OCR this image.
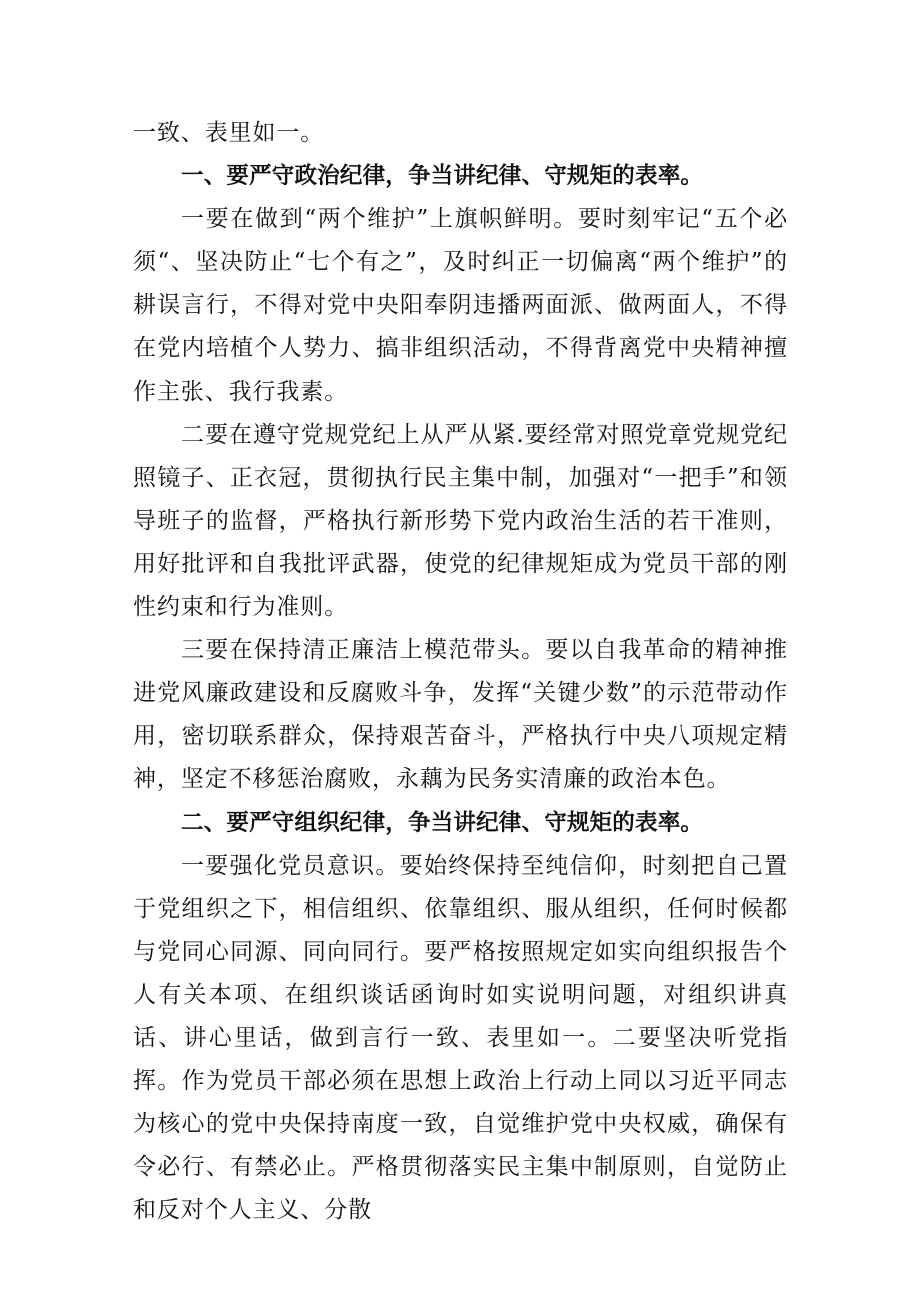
一致、表里如一。

一、要严守政治纪律，争当讲纪律、守规矩的表率。

一要在做到“两个维护”上旗帜鲜明。要时刻牢记“五个必须“、坚决防止“七个有之”，及时纠正一切偏离“两个维护”的耕误言行，不得对党中央阳奉阴违播两面派、做两面人，不得在党内培植个人势力、搞非组织活动，不得背离党中央精神擅作主张、我行我素。

二要在遵守党规党纪上从严从紧.要经常对照党章党规党纪照镜子、正衣冠，贯彻执行民主集中制，加强对“一把手”和领导班子的监督，严格执行新形势下党内政治生活的若干准则，用好批评和自我批评武器，使党的纪律规矩成为党员干部的刚性约束和行为准则。

三要在保持清正廉洁上模范带头。要以自我革命的精神推进党风廉政建设和反腐败斗争，发挥“关键少数”的示范带动作用，密切联系群众，保持艰苦奋斗，严格执行中央八项规定精神，坚定不移惩治腐败，永藕为民务实清廉的政治本色。

二、要严守组织纪律，争当讲纪律、守规矩的表率。

一要强化党员意识。要始终保持至纯信仰，时刻把自己置于党组织之下，相信组织、依靠组织、服从组织，任何时候都与党同心同源、同向同行。要严格按照规定如实向组织报告个人有关本项、在组织谈话函询时如实说明问题，对组织讲真话、讲心里话，做到言行一致、表里如一。二要坚决听党指挥。作为党员干部必须在思想上政治上行动上同以习近平同志为核心的党中央保持南度一致，自觉维护党中央权威，确保有令必行、有禁必止。严格贯彻落实民主集中制原则，自觉防止和反对个人主义、分散
